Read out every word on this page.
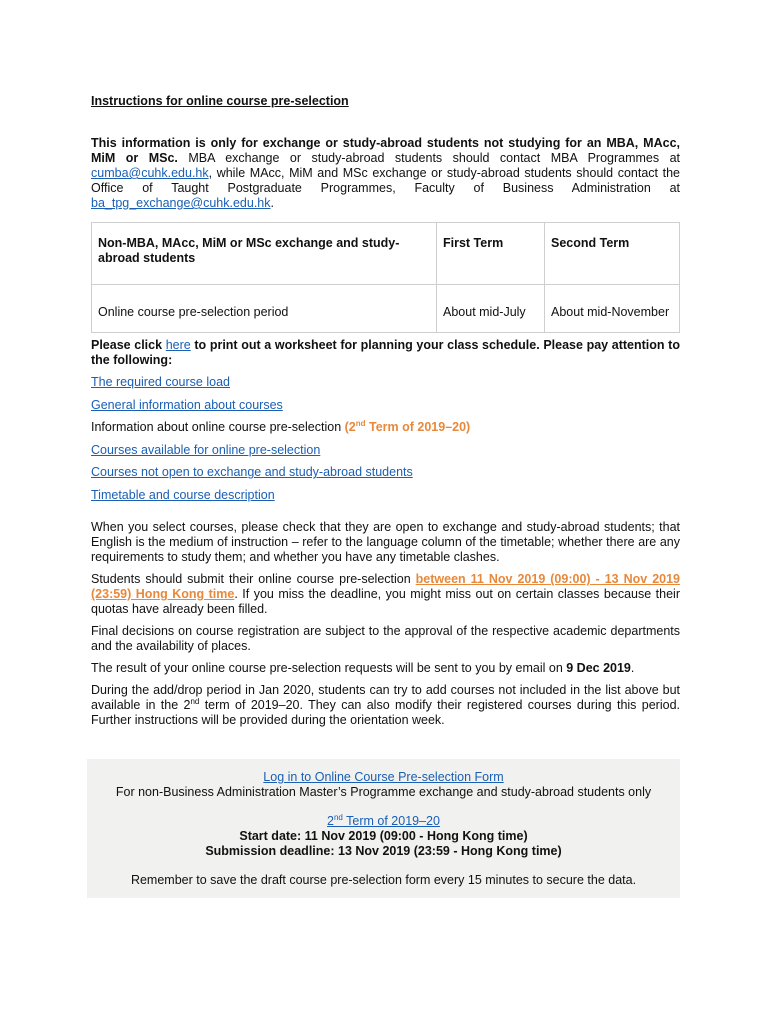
Instructions for online course pre-selection
This information is only for exchange or study-abroad students not studying for an MBA, MAcc, MiM or MSc. MBA exchange or study-abroad students should contact MBA Programmes at cumba@cuhk.edu.hk, while MAcc, MiM and MSc exchange or study-abroad students should contact the Office of Taught Postgraduate Programmes, Faculty of Business Administration at ba_tpg_exchange@cuhk.edu.hk.
Non-MBA, MAcc, MiM or MSc exchange and study-abroad students	First Term	Second Term
Online course pre-selection period	About mid-July	About mid-November
Please click here to print out a worksheet for planning your class schedule. Please pay attention to the following:
The required course load
General information about courses
Information about online course pre-selection (2nd Term of 2019–20)
Courses available for online pre-selection
Courses not open to exchange and study-abroad students
Timetable and course description

When you select courses, please check that they are open to exchange and study-abroad students; that English is the medium of instruction – refer to the language column of the timetable; whether there are any requirements to study them; and whether you have any timetable clashes.

Students should submit their online course pre-selection between 11 Nov 2019 (09:00) - 13 Nov 2019 (23:59) Hong Kong time. If you miss the deadline, you might miss out on certain classes because their quotas have already been filled.

Final decisions on course registration are subject to the approval of the respective academic departments and the availability of places.

The result of your online course pre-selection requests will be sent to you by email on 9 Dec 2019.

During the add/drop period in Jan 2020, students can try to add courses not included in the list above but available in the 2nd term of 2019–20. They can also modify their registered courses during this period. Further instructions will be provided during the orientation week.

Log in to Online Course Pre-selection Form
For non-Business Administration Master’s Programme exchange and study-abroad students only
2nd Term of 2019–20
Start date: 11 Nov 2019 (09:00 - Hong Kong time)
Submission deadline: 13 Nov 2019 (23:59 - Hong Kong time)
Remember to save the draft course pre-selection form every 15 minutes to secure the data.
